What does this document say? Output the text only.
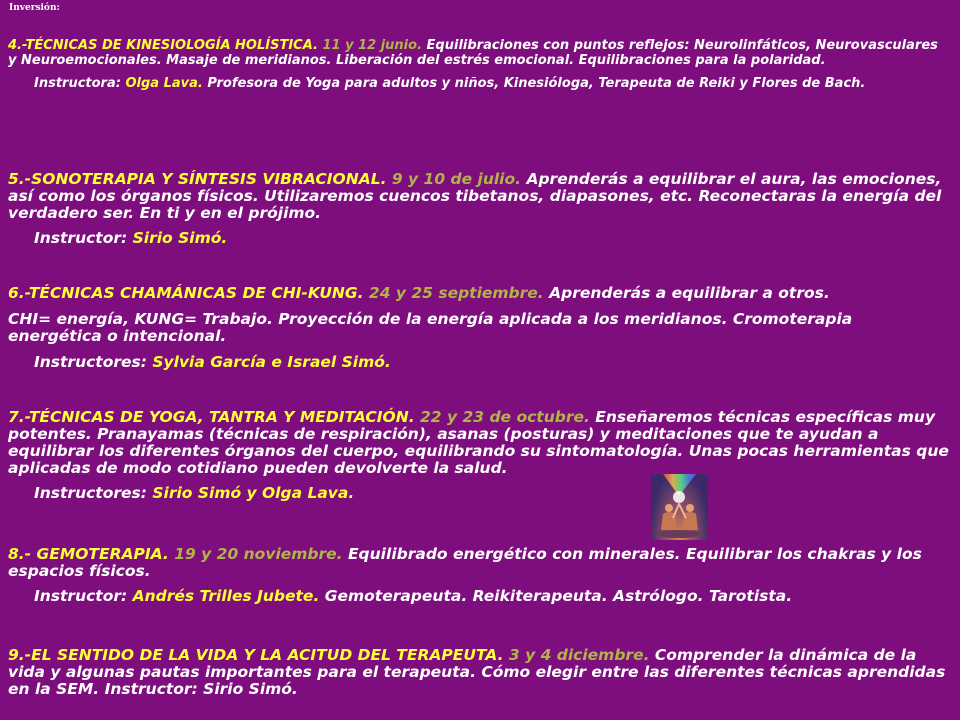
Inversión:
4.-TÉCNICAS DE KINESIOLOGÍA HOLÍSTICA. 11 y 12 junio. Equilibraciones con puntos reflejos: Neurolinfáticos, Neurovasculares y Neuroemocionales. Masaje de meridianos. Liberación del estrés emocional. Equilibraciones para la polaridad.
Instructora: Olga Lava. Profesora de Yoga para adultos y niños, Kinesióloga, Terapeuta de Reiki y Flores de Bach.
5.-SONOTERAPIA Y SÍNTESIS VIBRACIONAL. 9 y 10 de julio. Aprenderás a equilibrar el aura, las emociones, así como los órganos físicos. Utilizaremos cuencos tibetanos, diapasones, etc. Reconectaras la energía del verdadero ser. En ti y en el prójimo.
Instructor: Sirio Simó.
6.-TÉCNICAS CHAMÁNICAS DE CHI-KUNG. 24 y 25 septiembre. Aprenderás a equilibrar a otros.
CHI= energía, KUNG= Trabajo. Proyección de la energía aplicada a los meridianos. Cromoterapia energética o intencional.
Instructores: Sylvia García e Israel Simó.
7.-TÉCNICAS DE YOGA, TANTRA Y MEDITACIÓN. 22 y 23 de octubre. Enseñaremos técnicas específicas muy potentes. Pranayamas (técnicas de respiración), asanas (posturas) y meditaciones que te ayudan a equilibrar los diferentes órganos del cuerpo, equilibrando su sintomatología. Unas pocas herramientas que aplicadas de modo cotidiano pueden devolverte la salud.
Instructores: Sirio Simó y Olga Lava.
8.- GEMOTERAPIA. 19 y 20 noviembre. Equilibrado energético con minerales. Equilibrar los chakras y los espacios físicos.
Instructor: Andrés Trilles Jubete. Gemoterapeuta. Reikiterapeuta. Astrólogo. Tarotista.
9.-EL SENTIDO DE LA VIDA Y LA ACITUD DEL TERAPEUTA. 3 y 4 diciembre. Comprender la dinámica de la vida y algunas pautas importantes para el terapeuta. Cómo elegir entre las diferentes técnicas aprendidas en la SEM. Instructor: Sirio Simó.
